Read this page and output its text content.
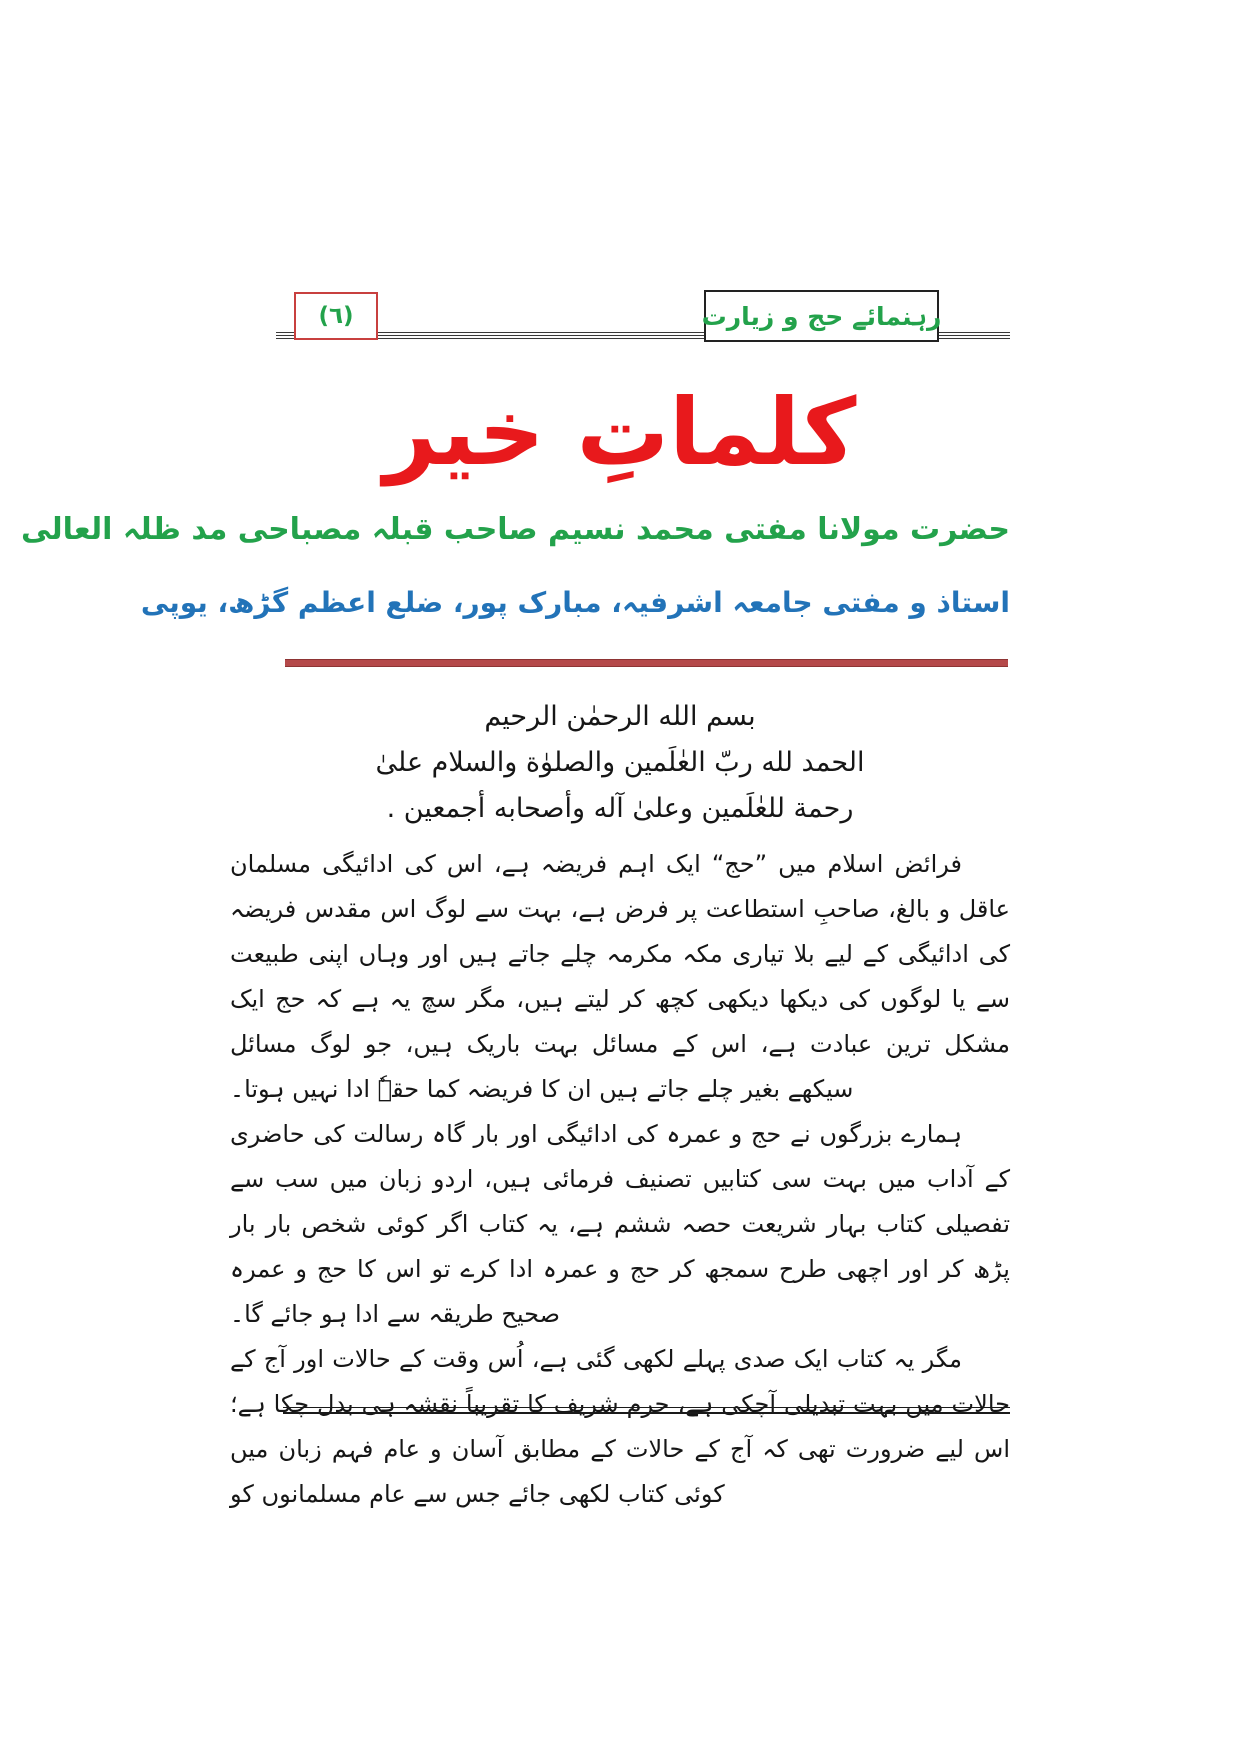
(٦)	رہنمائے حج و زیارت
کلماتِ خیر
حضرت مولانا مفتی محمد نسیم صاحب قبلہ مصباحی مد ظلہ العالی
استاذ و مفتی جامعہ اشرفیہ، مبارک پور، ضلع اعظم گڑھ، یوپی

بسم الله الرحمٰن الرحيم

الحمد لله ربّ العٰلَمين والصلوٰة والسلام علىٰ

رحمة للعٰلَمين وعلىٰ آله وأصحابه أجمعين .

فرائض اسلام میں ”حج“ ایک اہم فریضہ ہے، اس کی ادائیگی مسلمان عاقل و بالغ، صاحبِ استطاعت پر فرض ہے، بہت سے لوگ اس مقدس فریضہ کی ادائیگی کے لیے بلا تیاری مکہ مکرمہ چلے جاتے ہیں اور وہاں اپنی طبیعت سے یا لوگوں کی دیکھا دیکھی کچھ کر لیتے ہیں، مگر سچ یہ ہے کہ حج ایک مشکل ترین عبادت ہے، اس کے مسائل بہت باریک ہیں، جو لوگ مسائل سیکھے بغیر چلے جاتے ہیں ان کا فریضہ کما حقہٗ ادا نہیں ہوتا۔

ہمارے بزرگوں نے حج و عمرہ کی ادائیگی اور بار گاہ رسالت کی حاضری کے آداب میں بہت سی کتابیں تصنیف فرمائی ہیں، اردو زبان میں سب سے تفصیلی کتاب بہار شریعت حصہ ششم ہے، یہ کتاب اگر کوئی شخص بار بار پڑھ کر اور اچھی طرح سمجھ کر حج و عمرہ ادا کرے تو اس کا حج و عمرہ صحیح طریقہ سے ادا ہو جائے گا۔

مگر یہ کتاب ایک صدی پہلے لکھی گئی ہے، اُس وقت کے حالات اور آج کے حالات میں بہت تبدیلی آچکی ہے، حرم شریف کا تقریباً نقشہ ہی بدل چکا ہے؛ اس لیے ضرورت تھی کہ آج کے حالات کے مطابق آسان و عام فہم زبان میں کوئی کتاب لکھی جائے جس سے عام مسلمانوں کو
